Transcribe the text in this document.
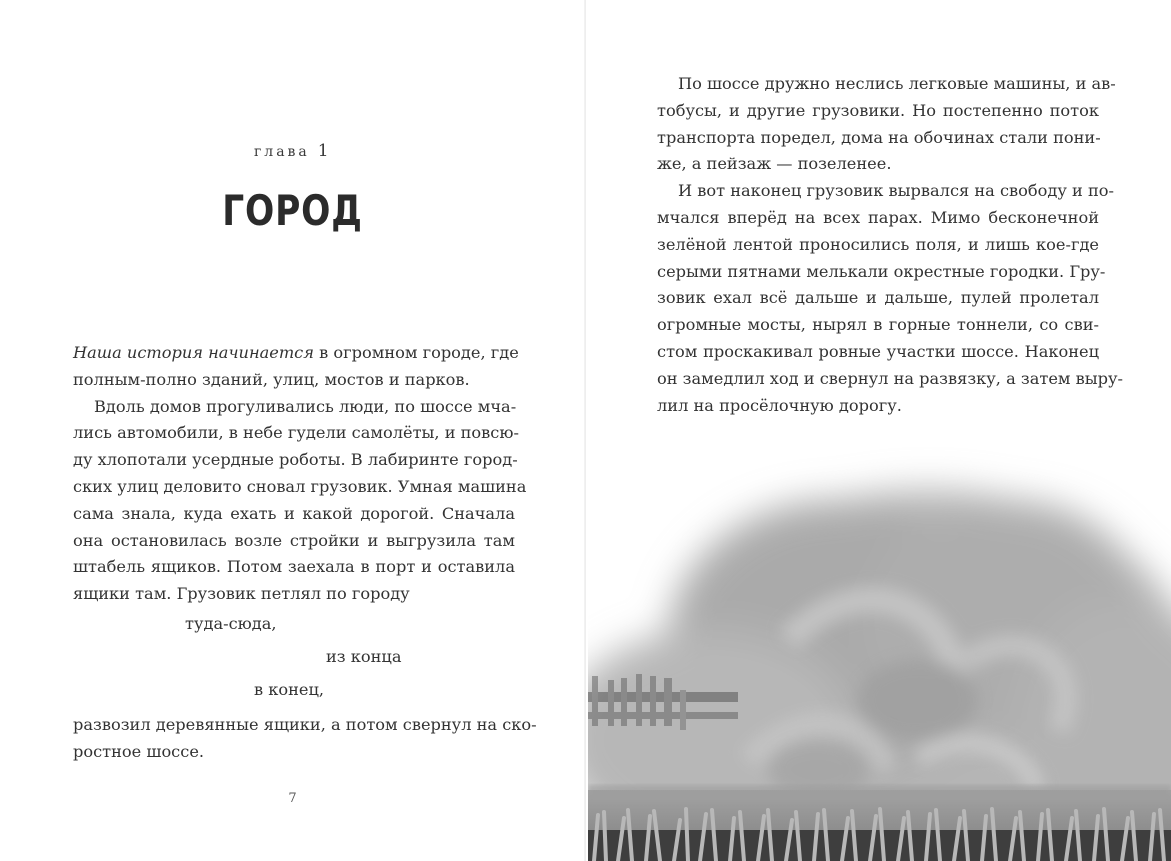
глава 1
ГОРОД

Наша история начинается в огромном городе, где
полным-полно зданий, улиц, мостов и парков.

Вдоль домов прогуливались люди, по шоссе мча-
лись автомобили, в небе гудели самолёты, и повсю-
ду хлопотали усердные роботы. В лабиринте город-
ских улиц деловито сновал грузовик. Умная машина
сама знала, куда ехать и какой дорогой. Сначала
она остановилась возле стройки и выгрузила там
штабель ящиков. Потом заехала в порт и оставила
ящики там. Грузовик петлял по городу

туда-сюда,
из конца
в конец,
развозил деревянные ящики, а потом свернул на ско-
ростное шоссе.
7

По шоссе дружно неслись легковые машины, и ав-
тобусы, и другие грузовики. Но постепенно поток
транспорта поредел, дома на обочинах стали пони-
же, а пейзаж — позеленее.

И вот наконец грузовик вырвался на свободу и по-
мчался вперёд на всех парах. Мимо бесконечной
зелёной лентой проносились поля, и лишь кое-где
серыми пятнами мелькали окрестные городки. Гру-
зовик ехал всё дальше и дальше, пулей пролетал
огромные мосты, нырял в горные тоннели, со сви-
стом проскакивал ровные участки шоссе. Наконец
он замедлил ход и свернул на развязку, а затем выру-
лил на просёлочную дорогу.
